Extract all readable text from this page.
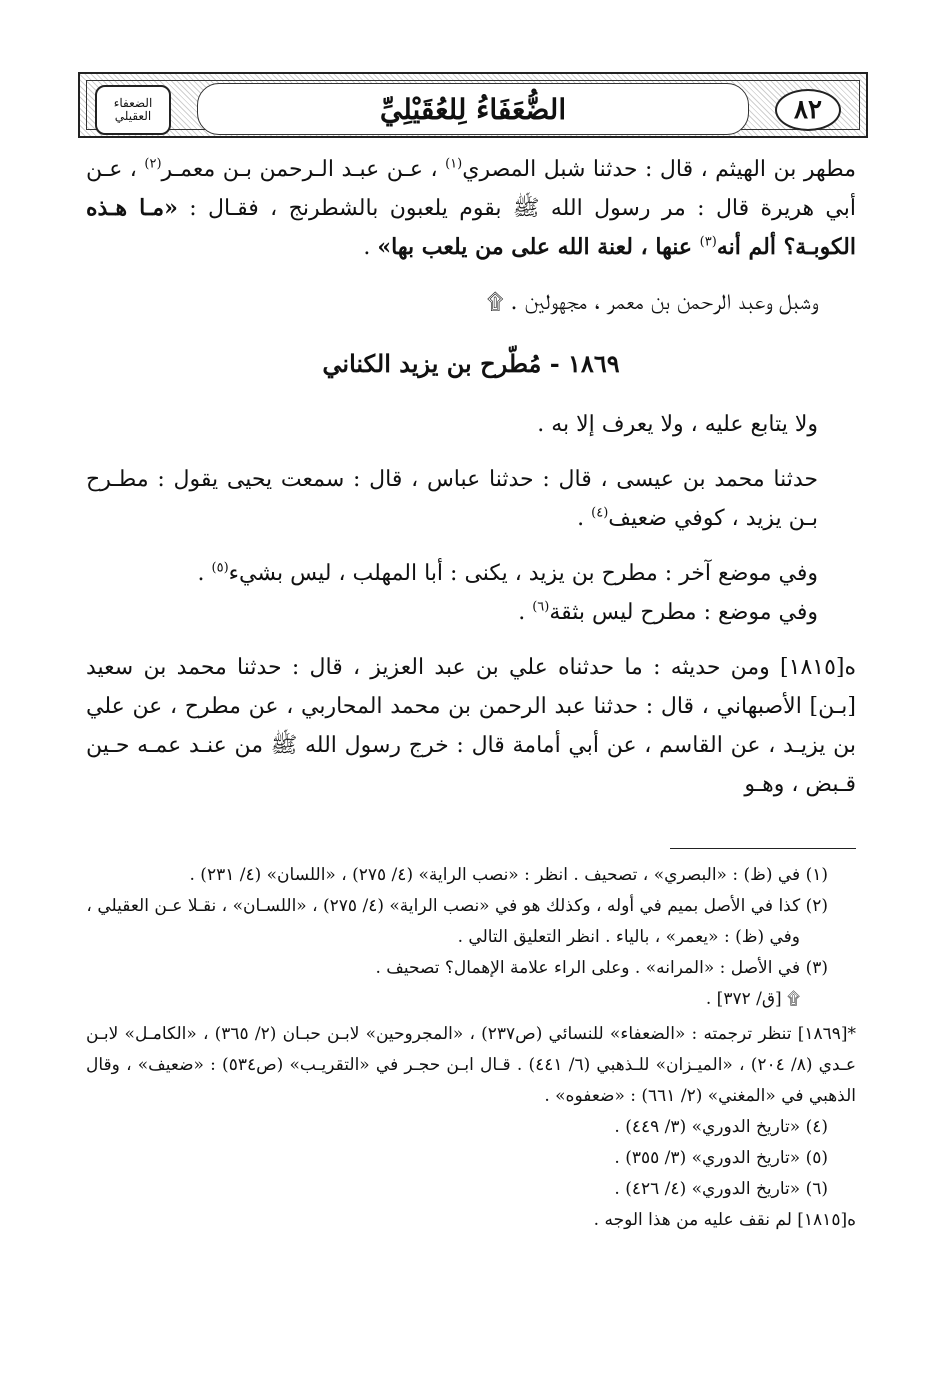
الضعفاء العقيلي	الضُّعَفَاءُ لِلعُقَيْلِيِّ	٨٢

مطهر بن الهيثم ، قال : حدثنا شبل المصري$^{(١)}$ ، عـن عبـد الـرحمن بـن معمـر$^{(٢)}$ ، عـن أبي هريرة قال : مر رسول الله ﷺ بقوم يلعبون بالشطرنج ، فقـال : «مـا هـذه الكوبـة؟ ألم أنه$^{(٣)}$ عنها ، لعنة الله على من يلعب بها» .

وشبل وعبد الرحمن بن معمر ، مجهولين . ۩

١٨٦٩ - مُطّرح بن يزيد الكناني

ولا يتابع عليه ، ولا يعرف إلا به .

حدثنا محمد بن عيسى ، قال : حدثنا عباس ، قال : سمعت يحيى يقول : مطـرح بـن يزيد ، كوفي ضعيف$^{(٤)}$ .

وفي موضع آخر : مطرح بن يزيد ، يكنى : أبا المهلب ، ليس بشيء$^{(٥)}$ .

وفي موضع : مطرح ليس بثقة$^{(٦)}$ .

ه[١٨١٥] ومن حديثه : ما حدثناه علي بن عبد العزيز ، قال : حدثنا محمد بن سعيد [بـن] الأصبهاني ، قال : حدثنا عبد الرحمن بن محمد المحاربي ، عن مطرح ، عن علي بن يزيـد ، عن القاسم ، عن أبي أمامة قال : خرج رسول الله ﷺ من عنـد عمـه حـين قـبض ، وهـو

(١) في (ظ) : «البصري» ، تصحيف . انظر : «نصب الراية» (٤/ ٢٧٥) ، «اللسان» (٤/ ٢٣١) .

(٢) كذا في الأصل بميم في أوله ، وكذلك هو في «نصب الراية» (٤/ ٢٧٥) ، «اللسـان» ، نقـلا عـن العقيلي ،

وفي (ظ) : «يعمر» ، بالياء . انظر التعليق التالي .

(٣) في الأصل : «المرانه» . وعلى الراء علامة الإهمال؟ تصحيف .

۩ [ق/ ٣٧٢] .

*[١٨٦٩] تنظر ترجمته : «الضعفاء» للنسائي (ص٢٣٧) ، «المجروحين» لابـن حبـان (٢/ ٣٦٥) ، «الكامـل» لابـن عـدي (٨/ ٢٠٤) ، «الميـزان» للـذهبي (٦/ ٤٤١) . قـال ابـن حجـر في «التقريـب» (ص٥٣٤) : «ضعيف» ، وقال الذهبي في «المغني» (٢/ ٦٦١) : «ضعفوه» .

(٤) «تاريخ الدوري» (٣/ ٤٤٩) .

(٥) «تاريخ الدوري» (٣/ ٣٥٥) .

(٦) «تاريخ الدوري» (٤/ ٤٢٦) .

ه[١٨١٥] لم نقف عليه من هذا الوجه .
